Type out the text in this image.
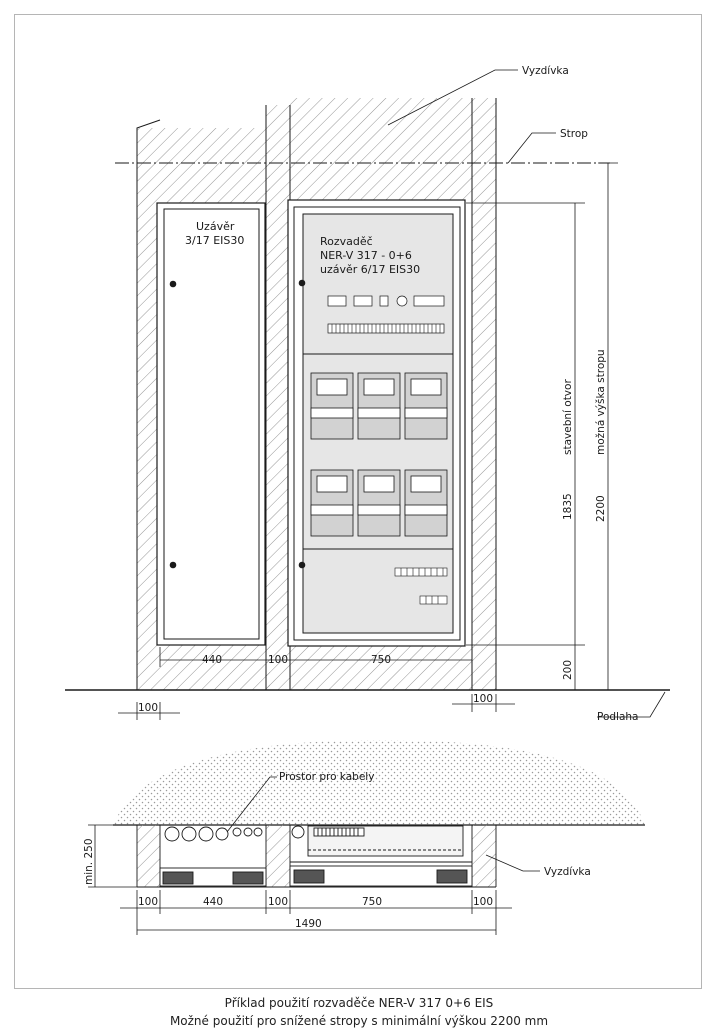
Uzávěr
3/17 EIS30	Rozvaděč
NER-V 317 - 0+6
uzávěr 6/17 EIS30
Vyzdívka
Strop
Podlaha
440	100	750
100
100
stavební otvor
1835
200
možná výška stropu
2200
Prostor pro kabely
Vyzdívka
min. 250
100	440	100	750	100
1490
Příklad použití rozvaděče NER-V 317 0+6 EIS
Možné použití pro snížené stropy s minimální výškou 2200 mm
